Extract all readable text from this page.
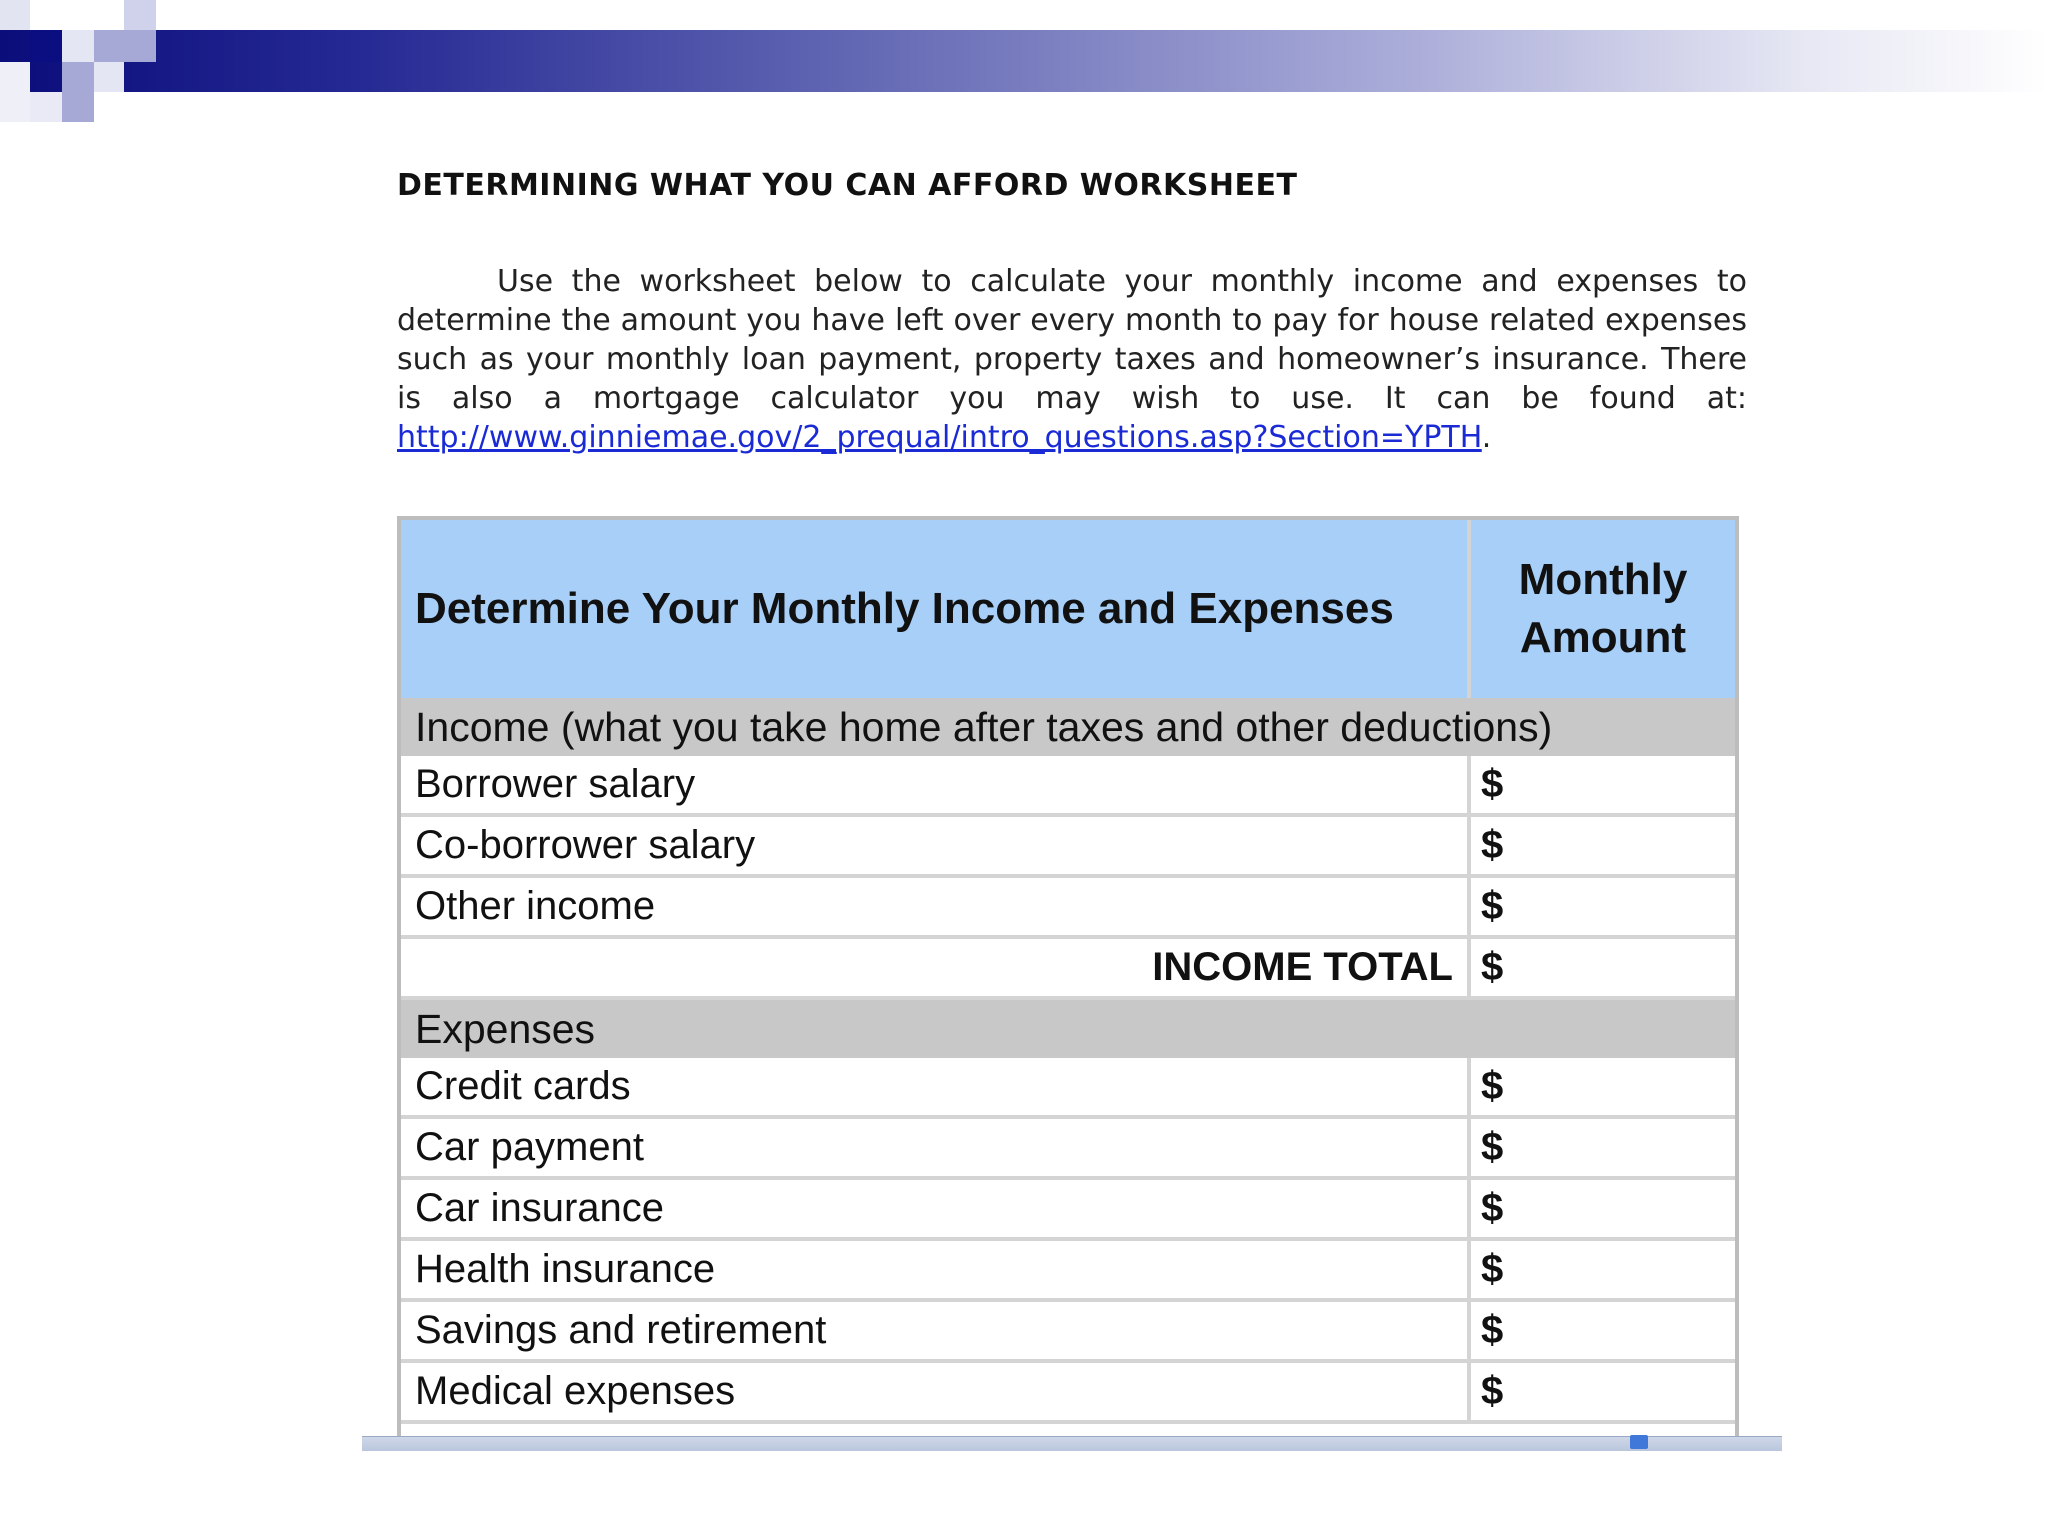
DETERMINING WHAT YOU CAN AFFORD WORKSHEET
Use the worksheet below to calculate your monthly income and expenses to determine the amount you have left over every month to pay for house related expenses such as your monthly loan payment, property taxes and homeowner’s insurance. There is also a mortgage calculator you may wish to use. It can be found at: http://www.ginniemae.gov/2_prequal/intro_questions.asp?Section=YPTH.
Determine Your Monthly Income and Expenses	Monthly Amount
Income (what you take home after taxes and other deductions)	
Borrower salary	$
Co-borrower salary	$
Other income	$
INCOME TOTAL	$
Expenses	
Credit cards	$
Car payment	$
Car insurance	$
Health insurance	$
Savings and retirement	$
Medical expenses	$
